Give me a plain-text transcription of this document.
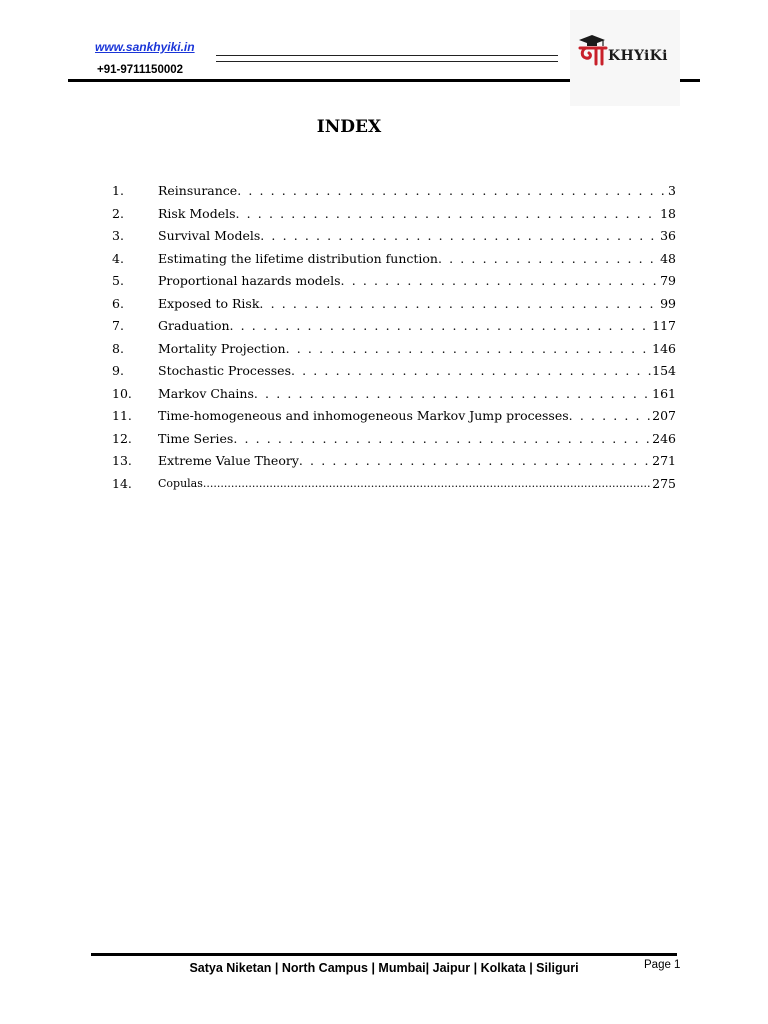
www.sankhyiki.in
+91-9711150002
KHYiKi
INDEX
1.	Reinsurance . . .	3
2.	Risk Models . . .	18
3.	Survival Models . . .	36
4.	Estimating the lifetime distribution function . . .	48
5.	Proportional hazards models . . .	79
6.	Exposed to Risk . . .	99
7.	Graduation . . .	117
8.	Mortality Projection . . .	146
9.	Stochastic Processes . . .	154
10. Markov Chains . . .	161
11. Time-homogeneous and inhomogeneous Markov Jump processes . . .	207
12. Time Series . . .	246
13. Extreme Value Theory . . .	271
14. Copulas .....	275
Satya Niketan | North Campus | Mumbai| Jaipur | Kolkata | Siliguri	Page 1
